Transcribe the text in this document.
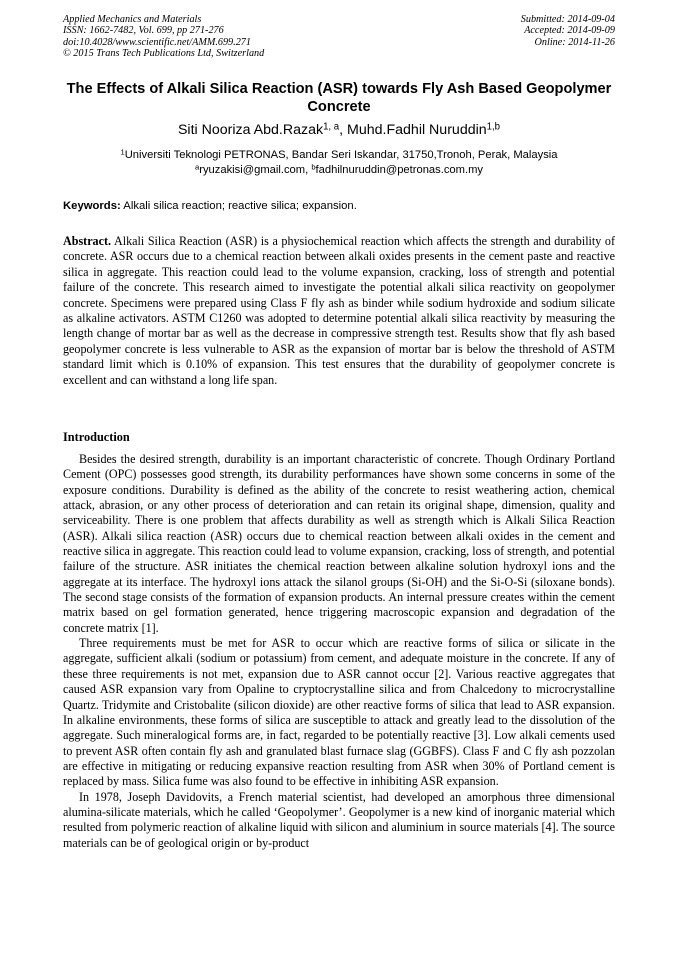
Applied Mechanics and Materials
ISSN: 1662-7482, Vol. 699, pp 271-276
doi:10.4028/www.scientific.net/AMM.699.271
© 2015 Trans Tech Publications Ltd, Switzerland
Submitted: 2014-09-04
Accepted: 2014-09-09
Online: 2014-11-26
The Effects of Alkali Silica Reaction (ASR) towards Fly Ash Based Geopolymer Concrete
Siti Nooriza Abd.Razak$^{1, a}$, Muhd.Fadhil Nuruddin$^{1,b}$
$^1$Universiti Teknologi PETRONAS, Bandar Seri Iskandar, 31750,Tronoh, Perak, Malaysia
$^a$ryuzakisi@gmail.com, $^b$fadhilnuruddin@petronas.com.my
Keywords: Alkali silica reaction; reactive silica; expansion.

Abstract. Alkali Silica Reaction (ASR) is a physiochemical reaction which affects the strength and durability of concrete. ASR occurs due to a chemical reaction between alkali oxides presents in the cement paste and reactive silica in aggregate. This reaction could lead to the volume expansion, cracking, loss of strength and potential failure of the concrete. This research aimed to investigate the potential alkali silica reactivity on geopolymer concrete. Specimens were prepared using Class F fly ash as binder while sodium hydroxide and sodium silicate as alkaline activators. ASTM C1260 was adopted to determine potential alkali silica reactivity by measuring the length change of mortar bar as well as the decrease in compressive strength test. Results show that fly ash based geopolymer concrete is less vulnerable to ASR as the expansion of mortar bar is below the threshold of ASTM standard limit which is 0.10% of expansion. This test ensures that the durability of geopolymer concrete is excellent and can withstand a long life span.

Introduction

Besides the desired strength, durability is an important characteristic of concrete. Though Ordinary Portland Cement (OPC) possesses good strength, its durability performances have shown some concerns in some of the exposure conditions. Durability is defined as the ability of the concrete to resist weathering action, chemical attack, abrasion, or any other process of deterioration and can retain its original shape, dimension, quality and serviceability. There is one problem that affects durability as well as strength which is Alkali Silica Reaction (ASR). Alkali silica reaction (ASR) occurs due to chemical reaction between alkali oxides in the cement and reactive silica in aggregate. This reaction could lead to volume expansion, cracking, loss of strength, and potential failure of the structure. ASR initiates the chemical reaction between alkaline solution hydroxyl ions and the aggregate at its interface. The hydroxyl ions attack the silanol groups (Si-OH) and the Si-O-Si (siloxane bonds). The second stage consists of the formation of expansion products. An internal pressure creates within the cement matrix based on gel formation generated, hence triggering macroscopic expansion and degradation of the concrete matrix [1].

Three requirements must be met for ASR to occur which are reactive forms of silica or silicate in the aggregate, sufficient alkali (sodium or potassium) from cement, and adequate moisture in the concrete. If any of these three requirements is not met, expansion due to ASR cannot occur [2]. Various reactive aggregates that caused ASR expansion vary from Opaline to cryptocrystalline silica and from Chalcedony to microcrystalline Quartz. Tridymite and Cristobalite (silicon dioxide) are other reactive forms of silica that lead to ASR expansion. In alkaline environments, these forms of silica are susceptible to attack and greatly lead to the dissolution of the aggregate. Such mineralogical forms are, in fact, regarded to be potentially reactive [3]. Low alkali cements used to prevent ASR often contain fly ash and granulated blast furnace slag (GGBFS). Class F and C fly ash pozzolan are effective in mitigating or reducing expansive reaction resulting from ASR when 30% of Portland cement is replaced by mass. Silica fume was also found to be effective in inhibiting ASR expansion.

In 1978, Joseph Davidovits, a French material scientist, had developed an amorphous three dimensional alumina-silicate materials, which he called ‘Geopolymer’. Geopolymer is a new kind of inorganic material which resulted from polymeric reaction of alkaline liquid with silicon and aluminium in source materials [4]. The source materials can be of geological origin or by-product
